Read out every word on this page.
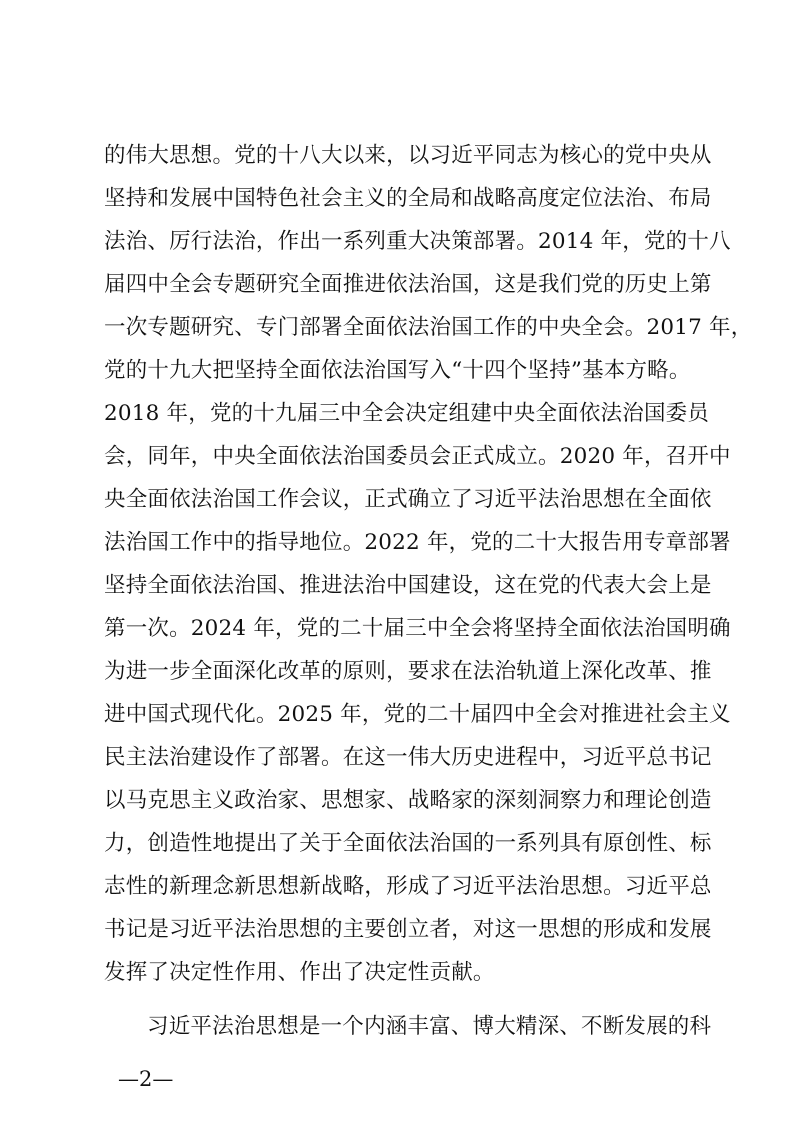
的伟大思想。党的十八大以来，以习近平同志为核心的党中央从
坚持和发展中国特色社会主义的全局和战略高度定位法治、布局
法治、厉行法治，作出一系列重大决策部署。2014 年，党的十八
届四中全会专题研究全面推进依法治国，这是我们党的历史上第
一次专题研究、专门部署全面依法治国工作的中央全会。2017 年，
党的十九大把坚持全面依法治国写入“十四个坚持”基本方略。
2018 年，党的十九届三中全会决定组建中央全面依法治国委员
会，同年，中央全面依法治国委员会正式成立。2020 年，召开中
央全面依法治国工作会议，正式确立了习近平法治思想在全面依
法治国工作中的指导地位。2022 年，党的二十大报告用专章部署
坚持全面依法治国、推进法治中国建设，这在党的代表大会上是
第一次。2024 年，党的二十届三中全会将坚持全面依法治国明确
为进一步全面深化改革的原则，要求在法治轨道上深化改革、推
进中国式现代化。2025 年，党的二十届四中全会对推进社会主义
民主法治建设作了部署。在这一伟大历史进程中，习近平总书记
以马克思主义政治家、思想家、战略家的深刻洞察力和理论创造
力，创造性地提出了关于全面依法治国的一系列具有原创性、标
志性的新理念新思想新战略，形成了习近平法治思想。习近平总
书记是习近平法治思想的主要创立者，对这一思想的形成和发展
发挥了决定性作用、作出了决定性贡献。
习近平法治思想是一个内涵丰富、博大精深、不断发展的科
—2—
